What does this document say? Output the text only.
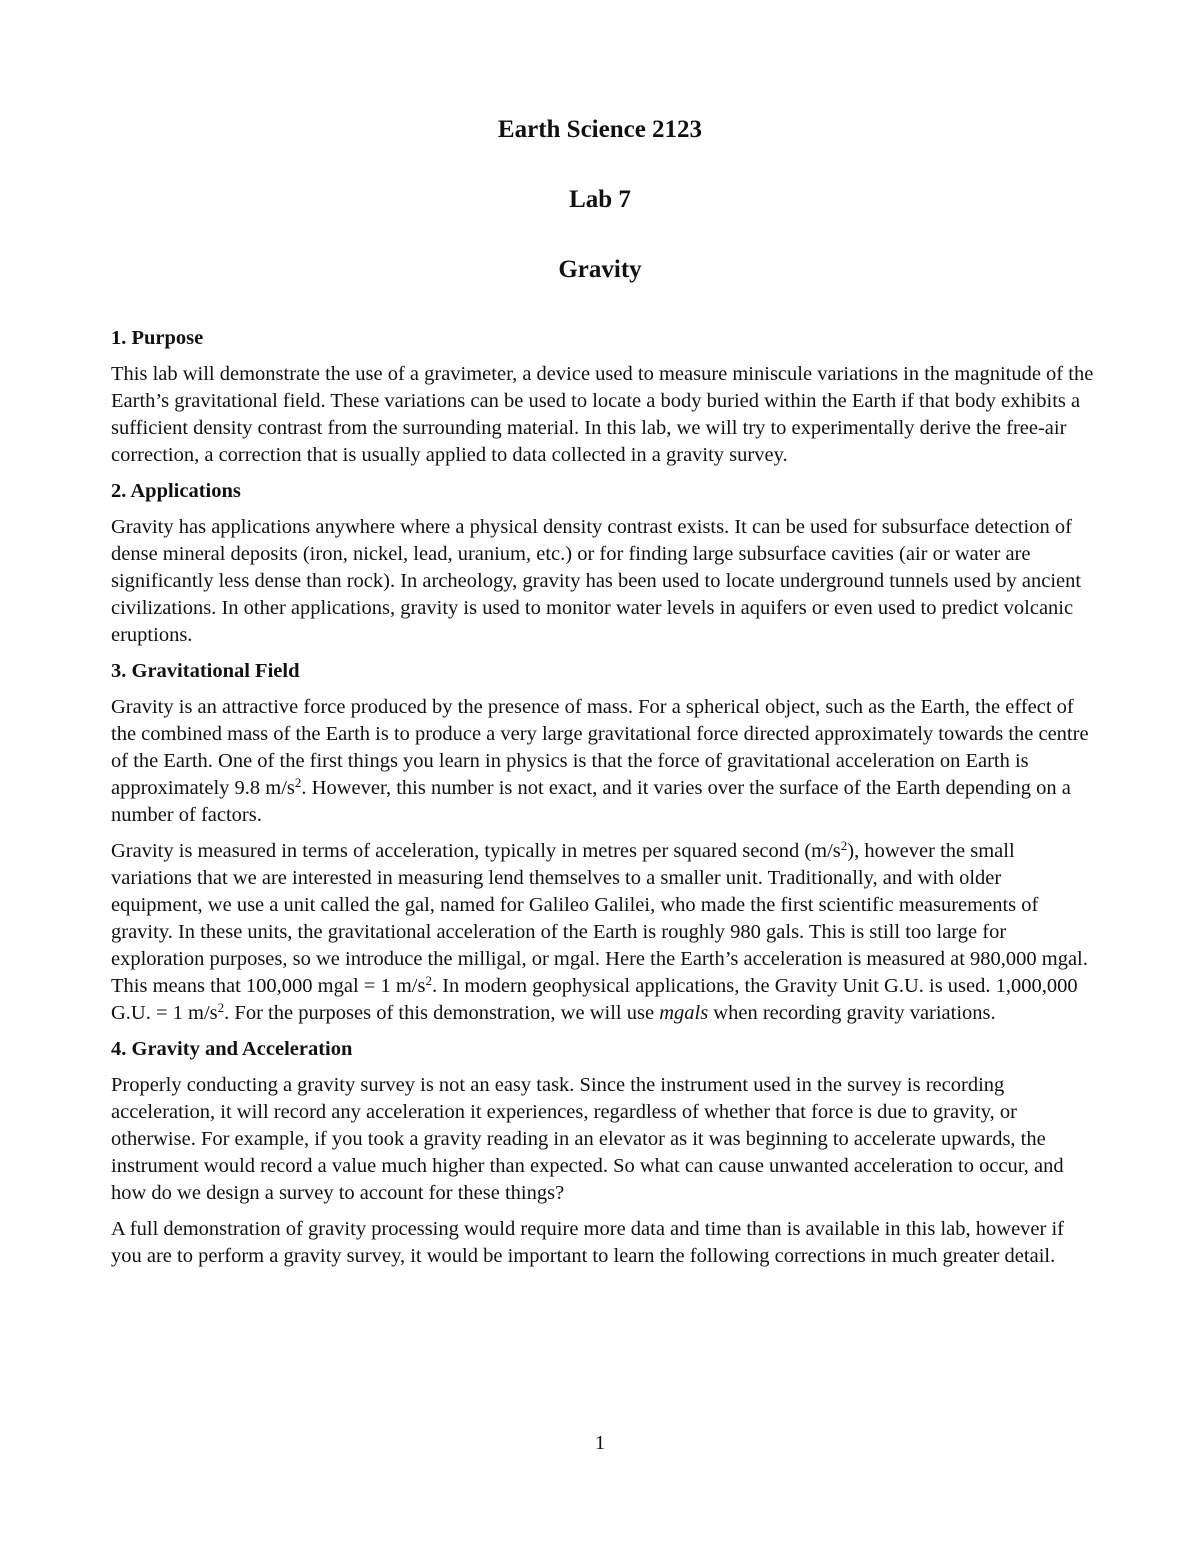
Earth Science 2123
Lab 7
Gravity
1. Purpose

This lab will demonstrate the use of a gravimeter, a device used to measure miniscule variations in the magnitude of the Earth’s gravitational field. These variations can be used to locate a body buried within the Earth if that body exhibits a sufficient density contrast from the surrounding material. In this lab, we will try to experimentally derive the free-air correction, a correction that is usually applied to data collected in a gravity survey.

2. Applications

Gravity has applications anywhere where a physical density contrast exists. It can be used for subsurface detection of dense mineral deposits (iron, nickel, lead, uranium, etc.) or for finding large subsurface cavities (air or water are significantly less dense than rock). In archeology, gravity has been used to locate underground tunnels used by ancient civilizations. In other applications, gravity is used to monitor water levels in aquifers or even used to predict volcanic eruptions.

3. Gravitational Field

Gravity is an attractive force produced by the presence of mass. For a spherical object, such as the Earth, the effect of the combined mass of the Earth is to produce a very large gravitational force directed approximately towards the centre of the Earth. One of the first things you learn in physics is that the force of gravitational acceleration on Earth is approximately 9.8 $m/s^2$. However, this number is not exact, and it varies over the surface of the Earth depending on a number of factors.

Gravity is measured in terms of acceleration, typically in metres per squared second $(m/s^2)$, however the small variations that we are interested in measuring lend themselves to a smaller unit. Traditionally, and with older equipment, we use a unit called the gal, named for Galileo Galilei, who made the first scientific measurements of gravity. In these units, the gravitational acceleration of the Earth is roughly 980 gals. This is still too large for exploration purposes, so we introduce the milligal, or mgal. Here the Earth’s acceleration is measured at 980,000 mgal. This means that 100,000 mgal = 1 $m/s^2$. In modern geophysical applications, the Gravity Unit G.U. is used. 1,000,000 G.U. = 1 $m/s^2$. For the purposes of this demonstration, we will use mgals when recording gravity variations.

4. Gravity and Acceleration

Properly conducting a gravity survey is not an easy task. Since the instrument used in the survey is recording acceleration, it will record any acceleration it experiences, regardless of whether that force is due to gravity, or otherwise. For example, if you took a gravity reading in an elevator as it was beginning to accelerate upwards, the instrument would record a value much higher than expected. So what can cause unwanted acceleration to occur, and how do we design a survey to account for these things?

A full demonstration of gravity processing would require more data and time than is available in this lab, however if you are to perform a gravity survey, it would be important to learn the following corrections in much greater detail.

1
